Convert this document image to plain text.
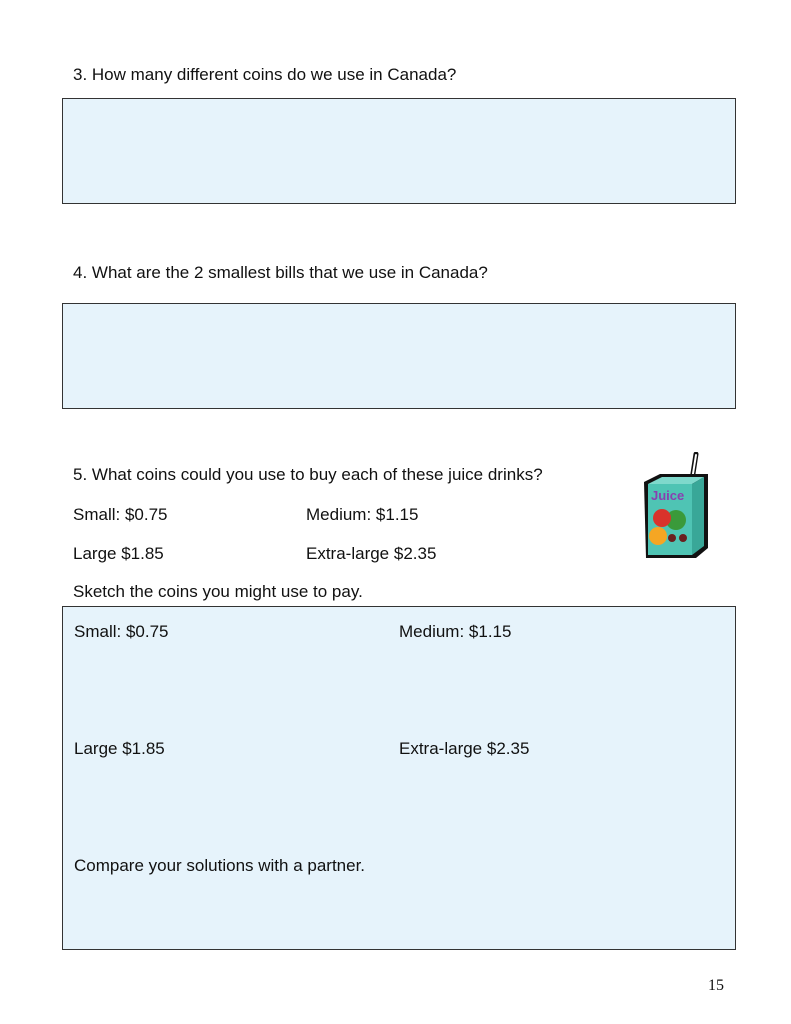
3. How many different coins do we use in Canada?
4. What are the 2 smallest bills that we use in Canada?
5. What coins could you use to buy each of these juice drinks?
Small: $0.75	Medium: $1.15
Large $1.85	Extra-large $2.35
Sketch the coins you might use to pay.
Juice
Small: $0.75	Medium: $1.15
Large $1.85	Extra-large $2.35
Compare your solutions with a partner.
15
